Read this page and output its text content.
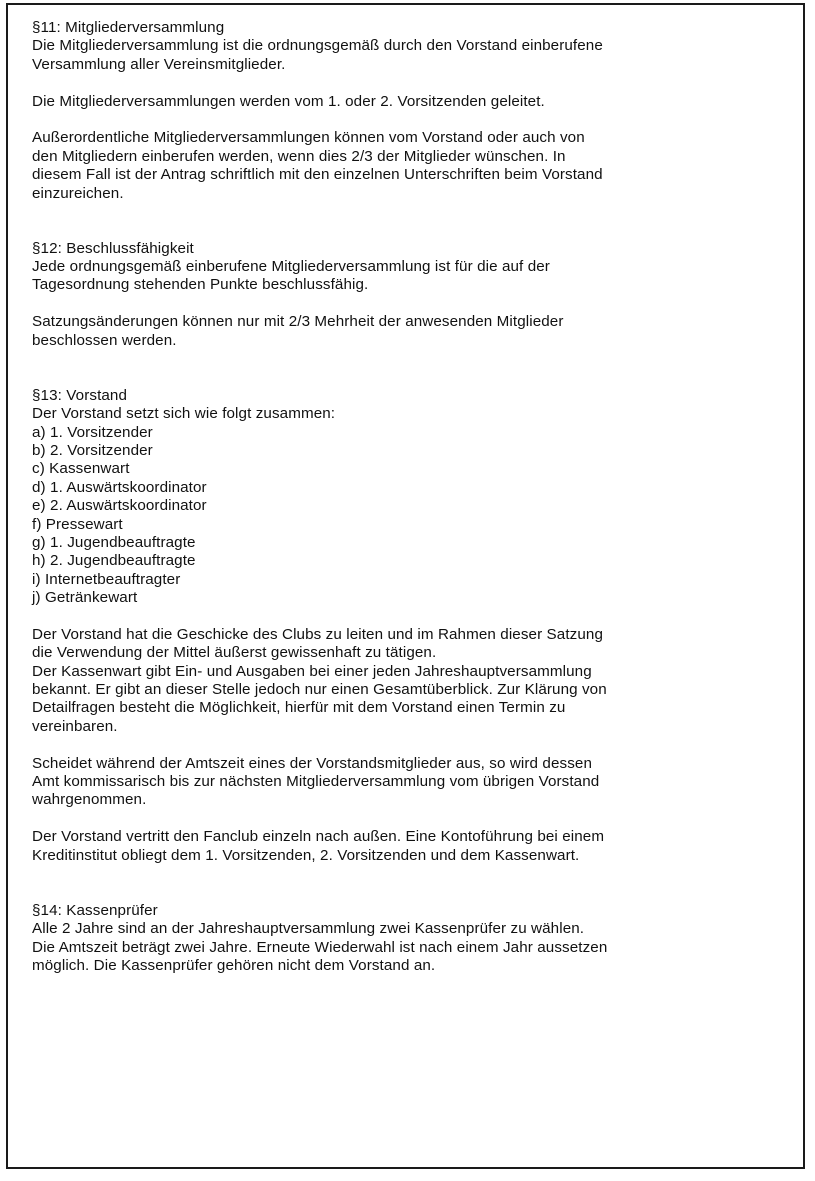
§11: Mitgliederversammlung
Die Mitgliederversammlung ist die ordnungsgemäß durch den Vorstand einberufene
Versammlung aller Vereinsmitglieder.
Die Mitgliederversammlungen werden vom 1. oder 2. Vorsitzenden geleitet.
Außerordentliche Mitgliederversammlungen können vom Vorstand oder auch von
den Mitgliedern einberufen werden, wenn dies 2/3 der Mitglieder wünschen. In
diesem Fall ist der Antrag schriftlich mit den einzelnen Unterschriften beim Vorstand
einzureichen.
§12: Beschlussfähigkeit
Jede ordnungsgemäß einberufene Mitgliederversammlung ist für die auf der
Tagesordnung stehenden Punkte beschlussfähig.
Satzungsänderungen können nur mit 2/3 Mehrheit der anwesenden Mitglieder
beschlossen werden.
§13: Vorstand
Der Vorstand setzt sich wie folgt zusammen:
a) 1. Vorsitzender
b) 2. Vorsitzender
c) Kassenwart
d) 1. Auswärtskoordinator
e) 2. Auswärtskoordinator
f) Pressewart
g) 1. Jugendbeauftragte
h) 2. Jugendbeauftragte
i) Internetbeauftragter
j) Getränkewart
Der Vorstand hat die Geschicke des Clubs zu leiten und im Rahmen dieser Satzung
die Verwendung der Mittel äußerst gewissenhaft zu tätigen.
Der Kassenwart gibt Ein- und Ausgaben bei einer jeden Jahreshauptversammlung
bekannt. Er gibt an dieser Stelle jedoch nur einen Gesamtüberblick. Zur Klärung von
Detailfragen besteht die Möglichkeit, hierfür mit dem Vorstand einen Termin zu
vereinbaren.
Scheidet während der Amtszeit eines der Vorstandsmitglieder aus, so wird dessen
Amt kommissarisch bis zur nächsten Mitgliederversammlung vom übrigen Vorstand
wahrgenommen.
Der Vorstand vertritt den Fanclub einzeln nach außen. Eine Kontoführung bei einem
Kreditinstitut obliegt dem 1. Vorsitzenden, 2. Vorsitzenden und dem Kassenwart.
§14: Kassenprüfer
Alle 2 Jahre sind an der Jahreshauptversammlung zwei Kassenprüfer zu wählen.
Die Amtszeit beträgt zwei Jahre. Erneute Wiederwahl ist nach einem Jahr aussetzen
möglich. Die Kassenprüfer gehören nicht dem Vorstand an.
